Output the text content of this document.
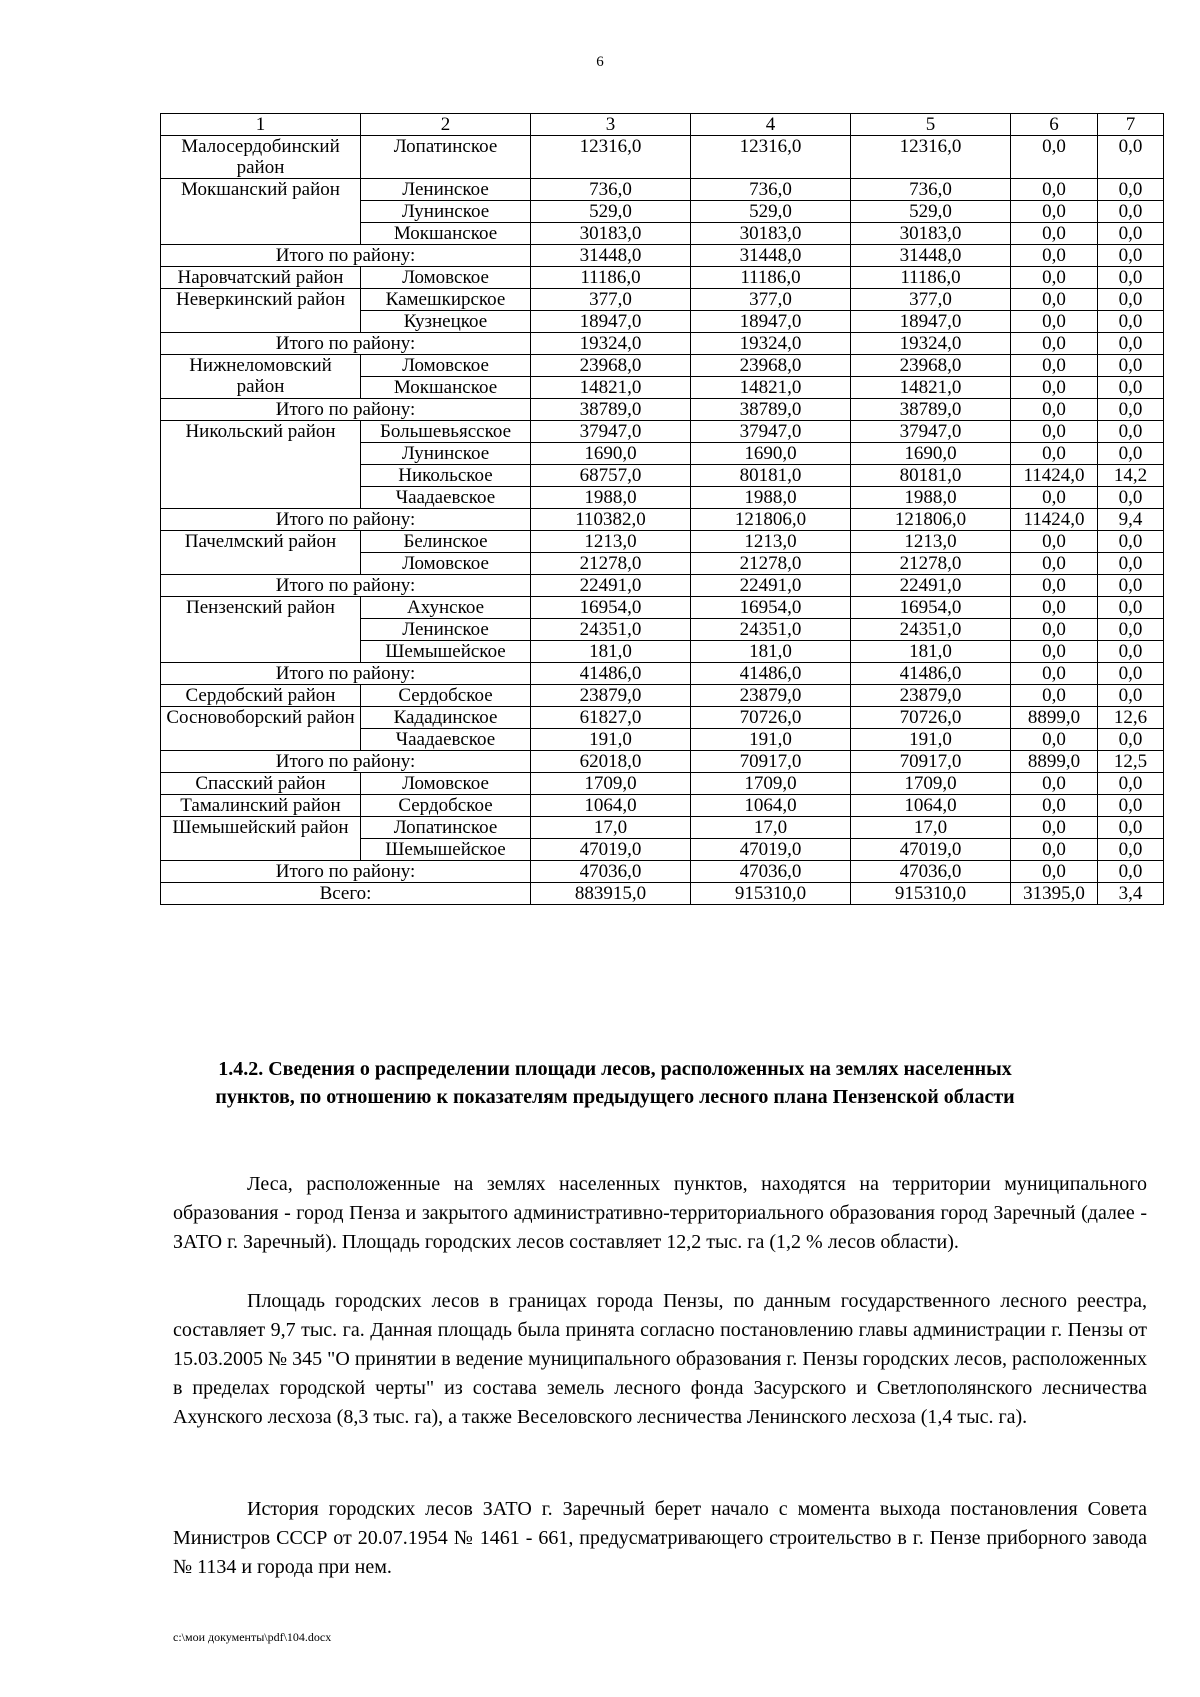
6
1	2	3	4	5	6	7
Малосердобинский район	Лопатинское	12316,0	12316,0	12316,0	0,0	0,0
Мокшанский район	Ленинское	736,0	736,0	736,0	0,0	0,0
	Лунинское	529,0	529,0	529,0	0,0	0,0
	Мокшанское	30183,0	30183,0	30183,0	0,0	0,0
Итого по району:		31448,0	31448,0	31448,0	0,0	0,0
Наровчатский район	Ломовское	11186,0	11186,0	11186,0	0,0	0,0
Неверкинский район	Камешкирское	377,0	377,0	377,0	0,0	0,0
	Кузнецкое	18947,0	18947,0	18947,0	0,0	0,0
Итого по району:		19324,0	19324,0	19324,0	0,0	0,0
Нижнеломовский район	Ломовское	23968,0	23968,0	23968,0	0,0	0,0
	Мокшанское	14821,0	14821,0	14821,0	0,0	0,0
Итого по району:		38789,0	38789,0	38789,0	0,0	0,0
Никольский район	Большевьясское	37947,0	37947,0	37947,0	0,0	0,0
	Лунинское	1690,0	1690,0	1690,0	0,0	0,0
	Никольское	68757,0	80181,0	80181,0	11424,0	14,2
	Чаадаевское	1988,0	1988,0	1988,0	0,0	0,0
Итого по району:		110382,0	121806,0	121806,0	11424,0	9,4
Пачелмский район	Белинское	1213,0	1213,0	1213,0	0,0	0,0
	Ломовское	21278,0	21278,0	21278,0	0,0	0,0
Итого по району:		22491,0	22491,0	22491,0	0,0	0,0
Пензенский район	Ахунское	16954,0	16954,0	16954,0	0,0	0,0
	Ленинское	24351,0	24351,0	24351,0	0,0	0,0
	Шемышейское	181,0	181,0	181,0	0,0	0,0
Итого по району:		41486,0	41486,0	41486,0	0,0	0,0
Сердобский район	Сердобское	23879,0	23879,0	23879,0	0,0	0,0
Сосновоборский район	Кададинское	61827,0	70726,0	70726,0	8899,0	12,6
	Чаадаевское	191,0	191,0	191,0	0,0	0,0
Итого по району:		62018,0	70917,0	70917,0	8899,0	12,5
Спасский район	Ломовское	1709,0	1709,0	1709,0	0,0	0,0
Тамалинский район	Сердобское	1064,0	1064,0	1064,0	0,0	0,0
Шемышейский район	Лопатинское	17,0	17,0	17,0	0,0	0,0
	Шемышейское	47019,0	47019,0	47019,0	0,0	0,0
Итого по району:		47036,0	47036,0	47036,0	0,0	0,0
Всего:		883915,0	915310,0	915310,0	31395,0	3,4
1.4.2. Сведения о распределении площади лесов, расположенных на землях населенных пунктов, по отношению к показателям предыдущего лесного плана Пензенской области

Леса, расположенные на землях населенных пунктов, находятся на территории муниципального образования - город Пенза и закрытого административно-территориального образования город Заречный (далее - ЗАТО г. Заречный). Площадь городских лесов составляет 12,2 тыс. га (1,2 % лесов области).

Площадь городских лесов в границах города Пензы, по данным государственного лесного реестра, составляет 9,7 тыс. га. Данная площадь была принята согласно постановлению главы администрации г. Пензы от 15.03.2005 № 345 "О принятии в ведение муниципального образования г. Пензы городских лесов, расположенных в пределах городской черты" из состава земель лесного фонда Засурского и Светлополянского лесничества Ахунского лесхоза (8,3 тыс. га), а также Веселовского лесничества Ленинского лесхоза (1,4 тыс. га).

История городских лесов ЗАТО г. Заречный берет начало с момента выхода постановления Совета Министров СССР от 20.07.1954 № 1461 - 661, предусматривающего строительство в г. Пензе приборного завода № 1134 и города при нем.

c:\мои документы\pdf\104.docx
